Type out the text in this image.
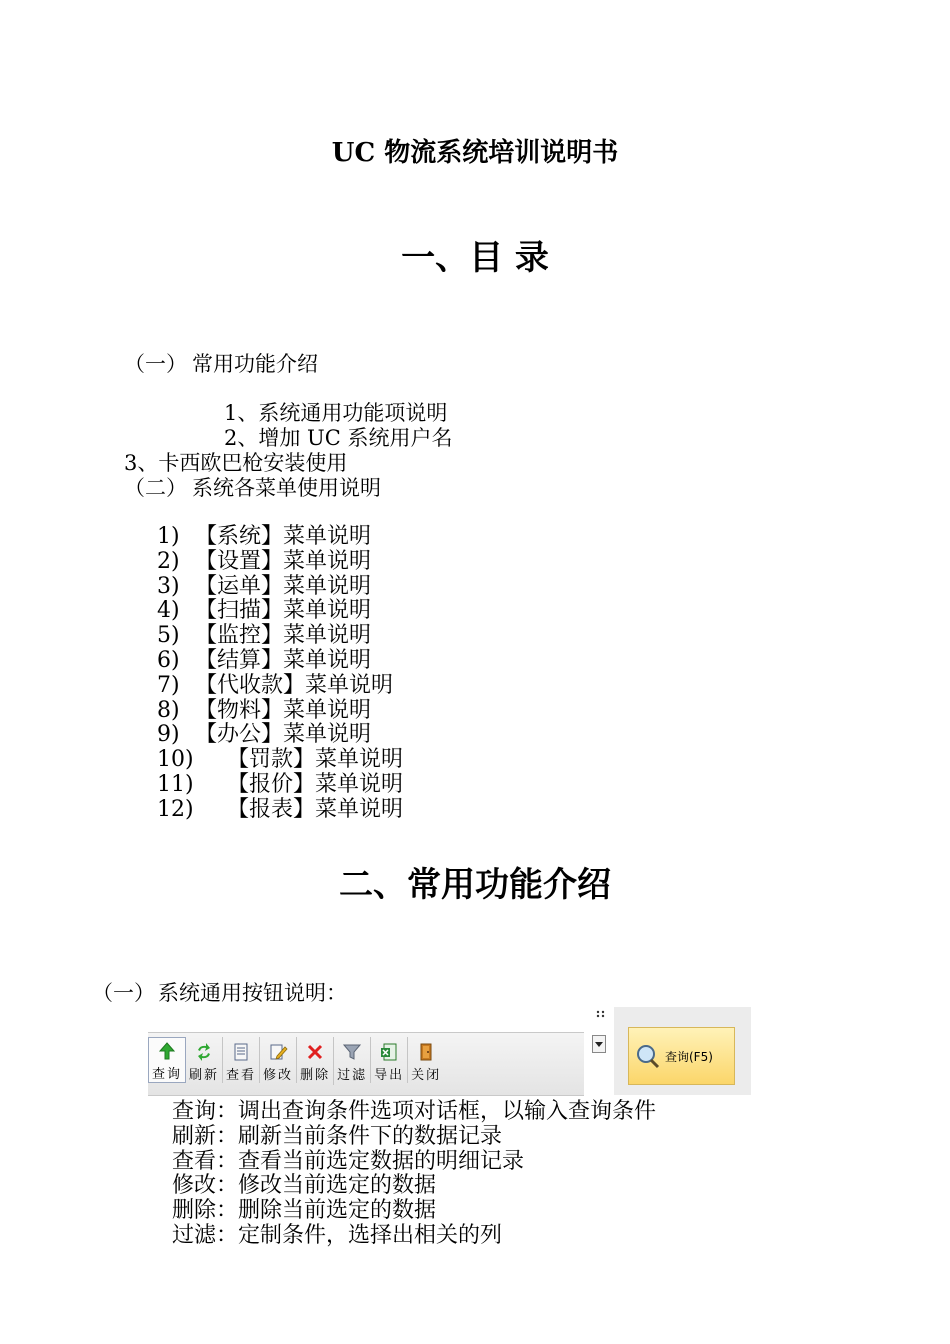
UC 物流系统培训说明书
一、目 录
（一） 常用功能介绍
1、系统通用功能项说明
2、增加 UC 系统用户名
3、卡西欧巴枪安装使用
（二） 系统各菜单使用说明
1) 【系统】菜单说明
2) 【设置】菜单说明
3) 【运单】菜单说明
4) 【扫描】菜单说明
5) 【监控】菜单说明
6) 【结算】菜单说明
7) 【代收款】菜单说明
8) 【物料】菜单说明
9) 【办公】菜单说明
10)	【罚款】菜单说明
11)	【报价】菜单说明
12)	【报表】菜单说明
二、常用功能介绍
（一） 系统通用按钮说明：
查询 刷新 查看 修改 删除 过滤 导出 关闭
查询(F5)
查询：调出查询条件选项对话框，以输入查询条件
刷新：刷新当前条件下的数据记录
查看：查看当前选定数据的明细记录
修改：修改当前选定的数据
删除：删除当前选定的数据
过滤：定制条件，选择出相关的列
